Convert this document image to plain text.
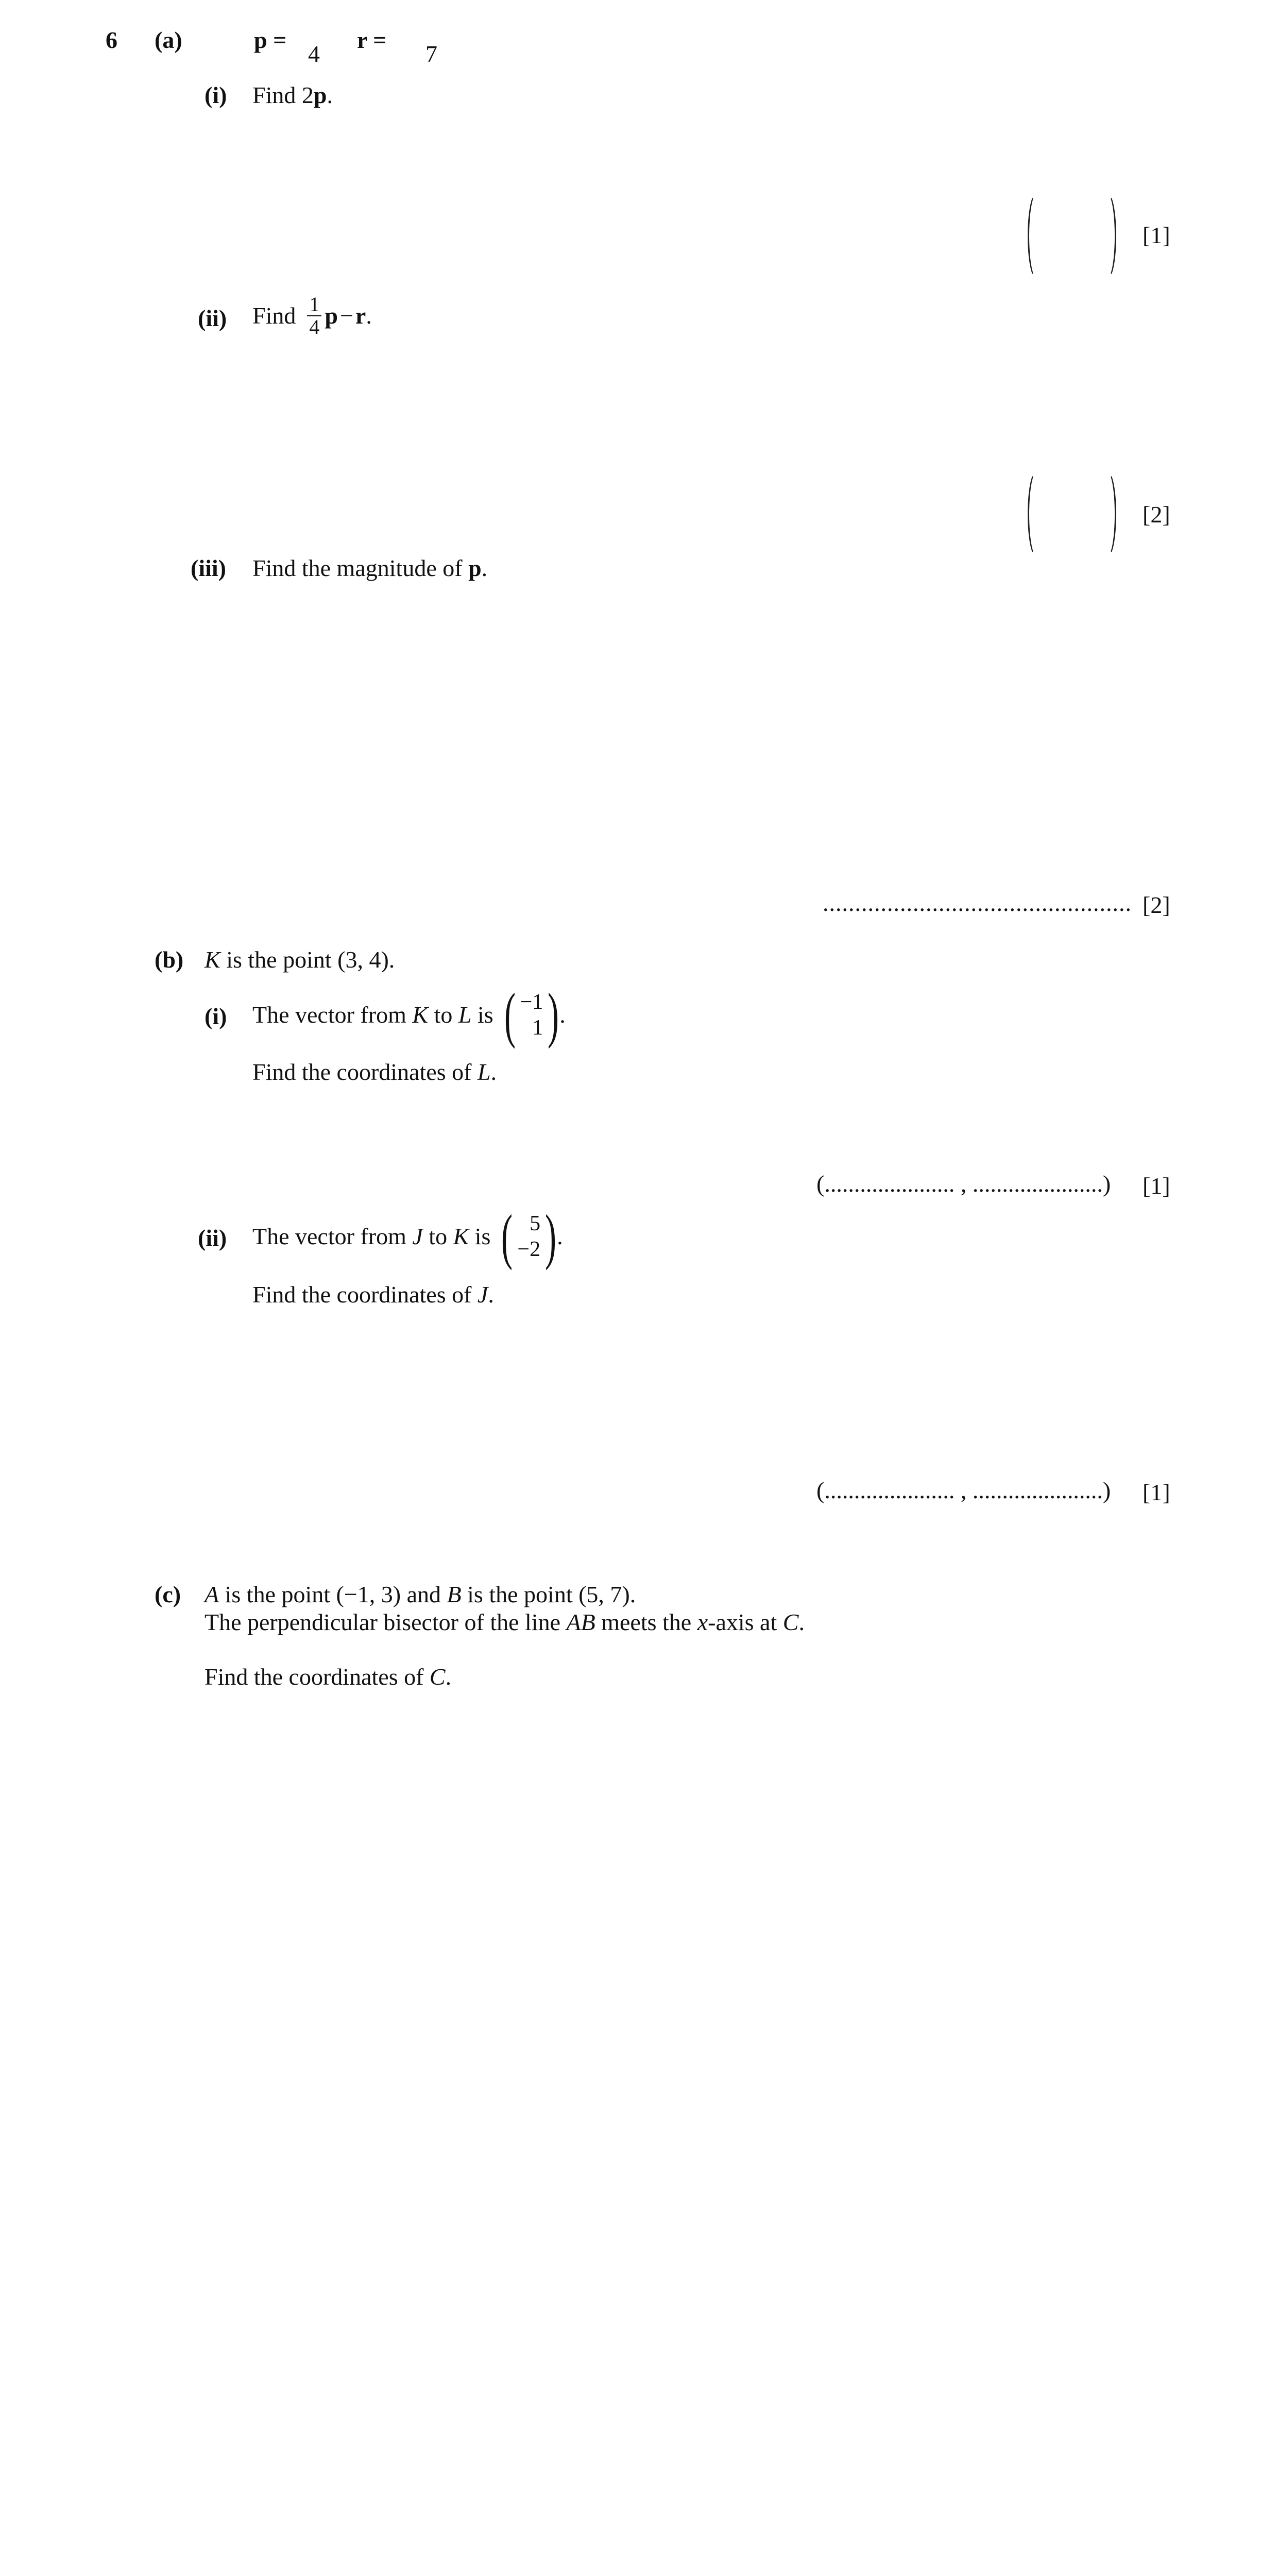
6 (a)	p =
4
r =
7
(i) Find 2p.
[1]
(ii) Find $\frac{1}{4}$ p − r .
[2]
(iii) Find the magnitude of p.
................................................ [2]
(b) K is the point (3, 4).
(i) The vector from K to L is ( −1
1 ) .
Find the coordinates of L.
(...................... , ......................) [1]
(ii) The vector from J to K is ( 5
−2 ) .
Find the coordinates of J.
(...................... , ......................) [1]
(c) A is the point (−1, 3) and B is the point (5, 7).
The perpendicular bisector of the line AB meets the x-axis at C.
Find the coordinates of C.
